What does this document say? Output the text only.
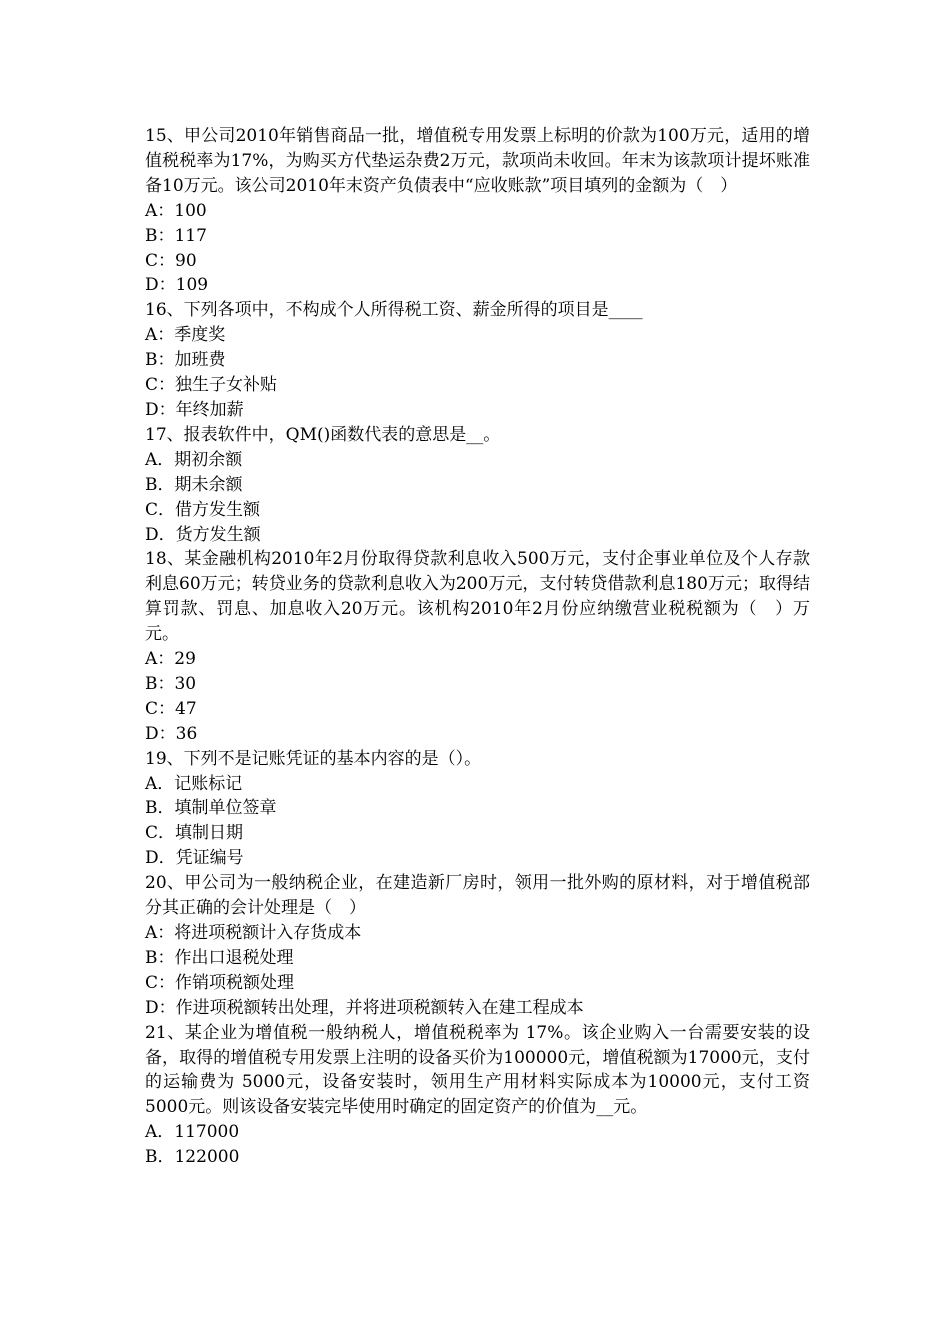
15、甲公司2010年销售商品一批，增值税专用发票上标明的价款为100万元，适用的增值税税率为17%，为购买方代垫运杂费2万元，款项尚未收回。年末为该款项计提坏账准备10万元。该公司2010年末资产负债表中“应收账款”项目填列的金额为（　）

A：100

B：117

C：90

D：109

16、下列各项中，不构成个人所得税工资、薪金所得的项目是____

A：季度奖

B：加班费

C：独生子女补贴

D：年终加薪

17、报表软件中，QM()函数代表的意思是__。

A．期初余额

B．期未余额

C．借方发生额

D．货方发生额

18、某金融机构2010年2月份取得贷款利息收入500万元，支付企事业单位及个人存款利息60万元；转贷业务的贷款利息收入为200万元，支付转贷借款利息180万元；取得结算罚款、罚息、加息收入20万元。该机构2010年2月份应纳缴营业税税额为（　）万元。

A：29

B：30

C：47

D：36

19、下列不是记账凭证的基本内容的是（）。

A．记账标记

B．填制单位签章

C．填制日期

D．凭证编号

20、甲公司为一般纳税企业，在建造新厂房时，领用一批外购的原材料，对于增值税部分其正确的会计处理是（　）

A：将进项税额计入存货成本

B：作出口退税处理

C：作销项税额处理

D：作进项税额转出处理，并将进项税额转入在建工程成本

21、某企业为增值税一般纳税人，增值税税率为 17%。该企业购入一台需要安装的设备，取得的增值税专用发票上注明的设备买价为100000元，增值税额为17000元，支付的运输费为 5000元，设备安装时，领用生产用材料实际成本为10000元，支付工资5000元。则该设备安装完毕使用时确定的固定资产的价值为__元。

A．117000

B．122000
